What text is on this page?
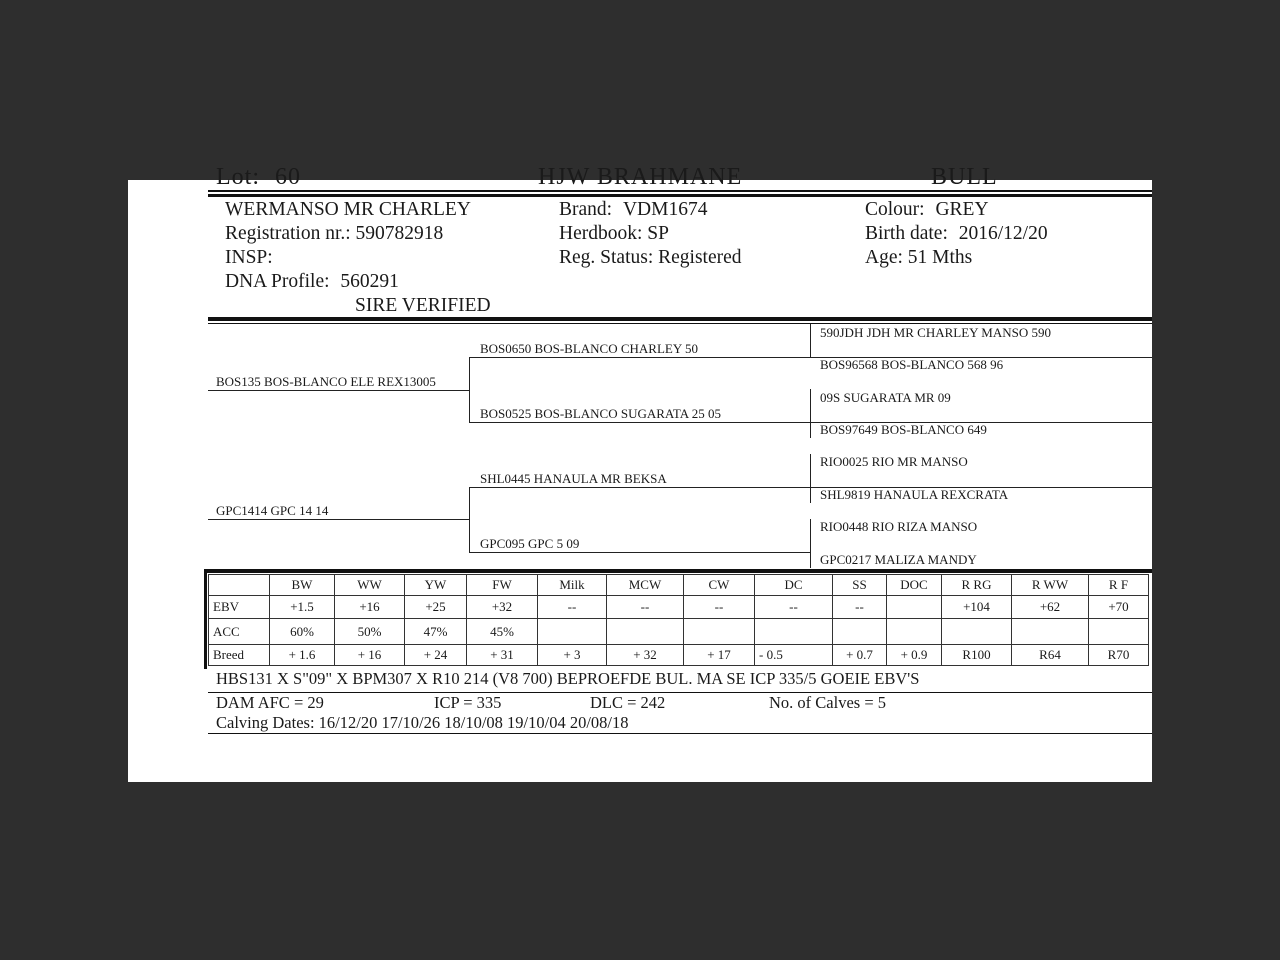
Lot: 60	HJW BRAHMANE	BULL
WERMANSO MR CHARLEY
Registration nr.: 590782918
INSP:
DNA Profile: 560291
SIRE VERIFIED
Brand: VDM1674
Herdbook: SP
Reg. Status: Registered
Colour: GREY
Birth date: 2016/12/20
Age: 51 Mths
BOS135 BOS-BLANCO ELE REX13005
GPC1414 GPC 14 14
BOS0650 BOS-BLANCO CHARLEY 50
BOS0525 BOS-BLANCO SUGARATA 25 05
SHL0445 HANAULA MR BEKSA
GPC095 GPC 5 09
590JDH JDH MR CHARLEY MANSO 590
BOS96568 BOS-BLANCO 568 96
09S SUGARATA MR 09
BOS97649 BOS-BLANCO 649
RIO0025 RIO MR MANSO
SHL9819 HANAULA REXCRATA
RIO0448 RIO RIZA MANSO
GPC0217 MALIZA MANDY
	BW	WW	YW	FW	Milk	MCW	CW	DC	SS	DOC	R RG	R WW	R F
EBV	+1.5	+16	+25	+32	--	--	--	--	--		+104	+62	+70
ACC	60%	50%	47%	45%									
Breed	+ 1.6	+ 16	+ 24	+ 31	+ 3	+ 32	+ 17	- 0.5	+ 0.7	+ 0.9	R100	R64	R70
HBS131 X S"09" X BPM307 X R10 214 (V8 700) BEPROEFDE BUL. MA SE ICP 335/5 GOEIE EBV'S
DAM AFC = 29	ICP = 335	DLC = 242	No. of Calves = 5
Calving Dates: 16/12/20 17/10/26 18/10/08 19/10/04 20/08/18
